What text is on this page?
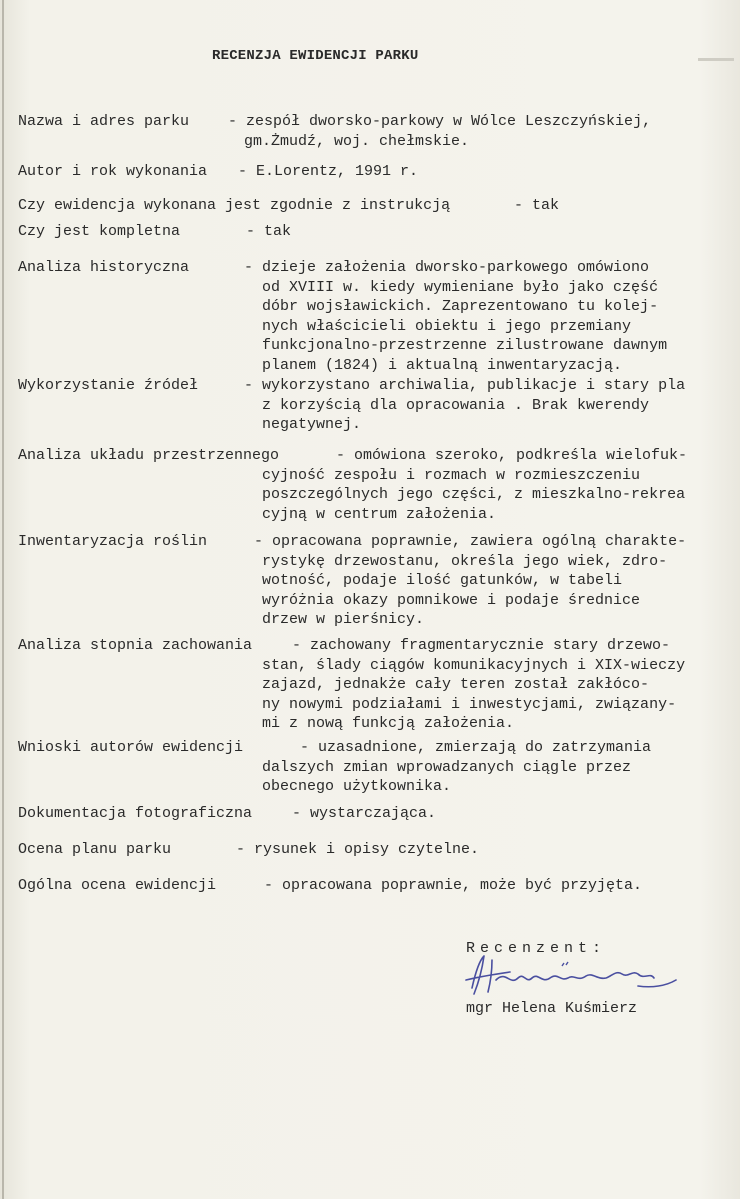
RECENZJA EWIDENCJI PARKU
Nazwa i adres parku	- zespół dworsko-parkowy w Wólce Leszczyńskiej,
gm.Żmudź, woj. chełmskie.
Autor i rok wykonania - E.Lorentz, 1991 r.
Czy ewidencja wykonana jest zgodnie z instrukcją	- tak
Czy jest kompletna	- tak
Analiza historyczna	- dzieje założenia dworsko-parkowego omówiono
od XVIII w. kiedy wymieniane było jako część
dóbr wojsławickich. Zaprezentowano tu kolej-
nych właścicieli obiektu i jego przemiany
funkcjonalno-przestrzenne zilustrowane dawnym
planem (1824) i aktualną inwentaryzacją.
Wykorzystanie źródeł	- wykorzystano archiwalia, publikacje i stary pla
z korzyścią dla opracowania . Brak kwerendy
negatywnej.
Analiza układu przestrzennego	- omówiona szeroko, podkreśla wielofuk-
cyjność zespołu i rozmach w rozmieszczeniu
poszczególnych jego części, z mieszkalno-rekrea
cyjną w centrum założenia.
Inwentaryzacja roślin	- opracowana poprawnie, zawiera ogólną charakte-
rystykę drzewostanu, określa jego wiek, zdro-
wotność, podaje ilość gatunków, w tabeli
wyróżnia okazy pomnikowe i podaje średnice
drzew w pierśnicy.
Analiza stopnia zachowania	- zachowany fragmentarycznie stary drzewo-
stan, ślady ciągów komunikacyjnych i XIX-wieczy
zajazd, jednakże cały teren został zakłóco-
ny nowymi podziałami i inwestycjami, związany-
mi z nową funkcją założenia.
Wnioski autorów ewidencji	- uzasadnione, zmierzają do zatrzymania
dalszych zmian wprowadzanych ciągle przez
obecnego użytkownika.
Dokumentacja fotograficzna	- wystarczająca.
Ocena planu parku	- rysunek i opisy czytelne.
Ogólna ocena ewidencji	- opracowana poprawnie, może być przyjęta.
Recenzent:
mgr Helena Kuśmierz
